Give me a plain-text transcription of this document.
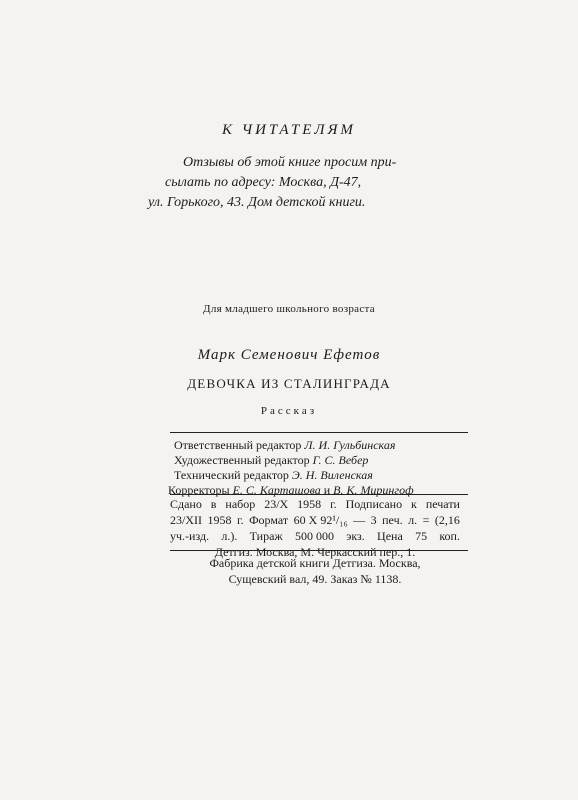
К ЧИТАТЕЛЯМ
Отзывы об этой книге просим при-
сылать по адресу: Москва, Д-47,
ул. Горького, 43. Дом детской книги.
Для младшего школьного возраста
Марк Семенович Ефетов
ДЕВОЧКА ИЗ СТАЛИНГРАДА
Рассказ
Ответственный редактор Л. И. Гульбинская
Художественный редактор Г. С. Вебер
Технический редактор Э. Н. Виленская
Корректоры Е. С. Карташова и В. К. Мирингоф
Сдано в набор 23/X 1958 г. Подписано к печати
23/XII 1958 г. Формат 60 X 92¹/₁₆ — 3 печ. л. = (2,16
уч.-изд. л.). Тираж 500 000 экз. Цена 75 коп.
Детгиз. Москва, М. Черкасский пер., 1.
Фабрика детской книги Детгиза. Москва,
Сущевский вал, 49. Заказ № 1138.
